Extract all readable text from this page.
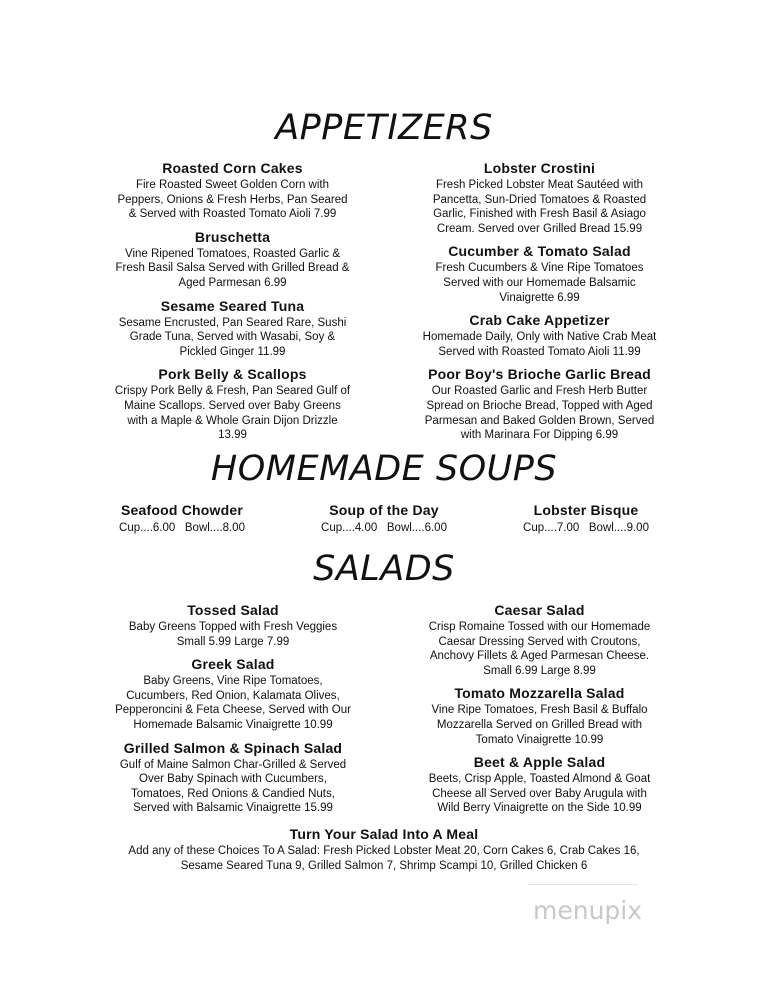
APPETIZERS
Roasted Corn Cakes
Fire Roasted Sweet Golden Corn with
Peppers, Onions & Fresh Herbs, Pan Seared
& Served with Roasted Tomato Aioli 7.99
Bruschetta
Vine Ripened Tomatoes, Roasted Garlic &
Fresh Basil Salsa Served with Grilled Bread &
Aged Parmesan 6.99
Sesame Seared Tuna
Sesame Encrusted, Pan Seared Rare, Sushi
Grade Tuna, Served with Wasabi, Soy &
Pickled Ginger 11.99
Pork Belly & Scallops
Crispy Pork Belly & Fresh, Pan Seared Gulf of
Maine Scallops. Served over Baby Greens
with a Maple & Whole Grain Dijon Drizzle
13.99
Lobster Crostini
Fresh Picked Lobster Meat Sautéed with
Pancetta, Sun-Dried Tomatoes & Roasted
Garlic, Finished with Fresh Basil & Asiago
Cream. Served over Grilled Bread 15.99
Cucumber & Tomato Salad
Fresh Cucumbers & Vine Ripe Tomatoes
Served with our Homemade Balsamic
Vinaigrette 6.99
Crab Cake Appetizer
Homemade Daily, Only with Native Crab Meat
Served with Roasted Tomato Aioli 11.99
Poor Boy's Brioche Garlic Bread
Our Roasted Garlic and Fresh Herb Butter
Spread on Brioche Bread, Topped with Aged
Parmesan and Baked Golden Brown, Served
with Marinara For Dipping 6.99
HOMEMADE SOUPS
Seafood Chowder
Cup....6.00   Bowl....8.00
Soup of the Day
Cup....4.00   Bowl....6.00
Lobster Bisque
Cup....7.00   Bowl....9.00
SALADS
Tossed Salad
Baby Greens Topped with Fresh Veggies
Small 5.99 Large 7.99
Greek Salad
Baby Greens, Vine Ripe Tomatoes,
Cucumbers, Red Onion, Kalamata Olives,
Pepperoncini & Feta Cheese, Served with Our
Homemade Balsamic Vinaigrette 10.99
Grilled Salmon & Spinach Salad
Gulf of Maine Salmon Char-Grilled & Served
Over Baby Spinach with Cucumbers,
Tomatoes, Red Onions & Candied Nuts,
Served with Balsamic Vinaigrette 15.99
Caesar Salad
Crisp Romaine Tossed with our Homemade
Caesar Dressing Served with Croutons,
Anchovy Fillets & Aged Parmesan Cheese.
Small 6.99 Large 8.99
Tomato Mozzarella Salad
Vine Ripe Tomatoes, Fresh Basil & Buffalo
Mozzarella Served on Grilled Bread with
Tomato Vinaigrette 10.99
Beet & Apple Salad
Beets, Crisp Apple, Toasted Almond & Goat
Cheese all Served over Baby Arugula with
Wild Berry Vinaigrette on the Side 10.99
Turn Your Salad Into A Meal
Add any of these Choices To A Salad: Fresh Picked Lobster Meat 20, Corn Cakes 6, Crab Cakes 16,
Sesame Seared Tuna 9, Grilled Salmon 7, Shrimp Scampi 10, Grilled Chicken 6
menupix
